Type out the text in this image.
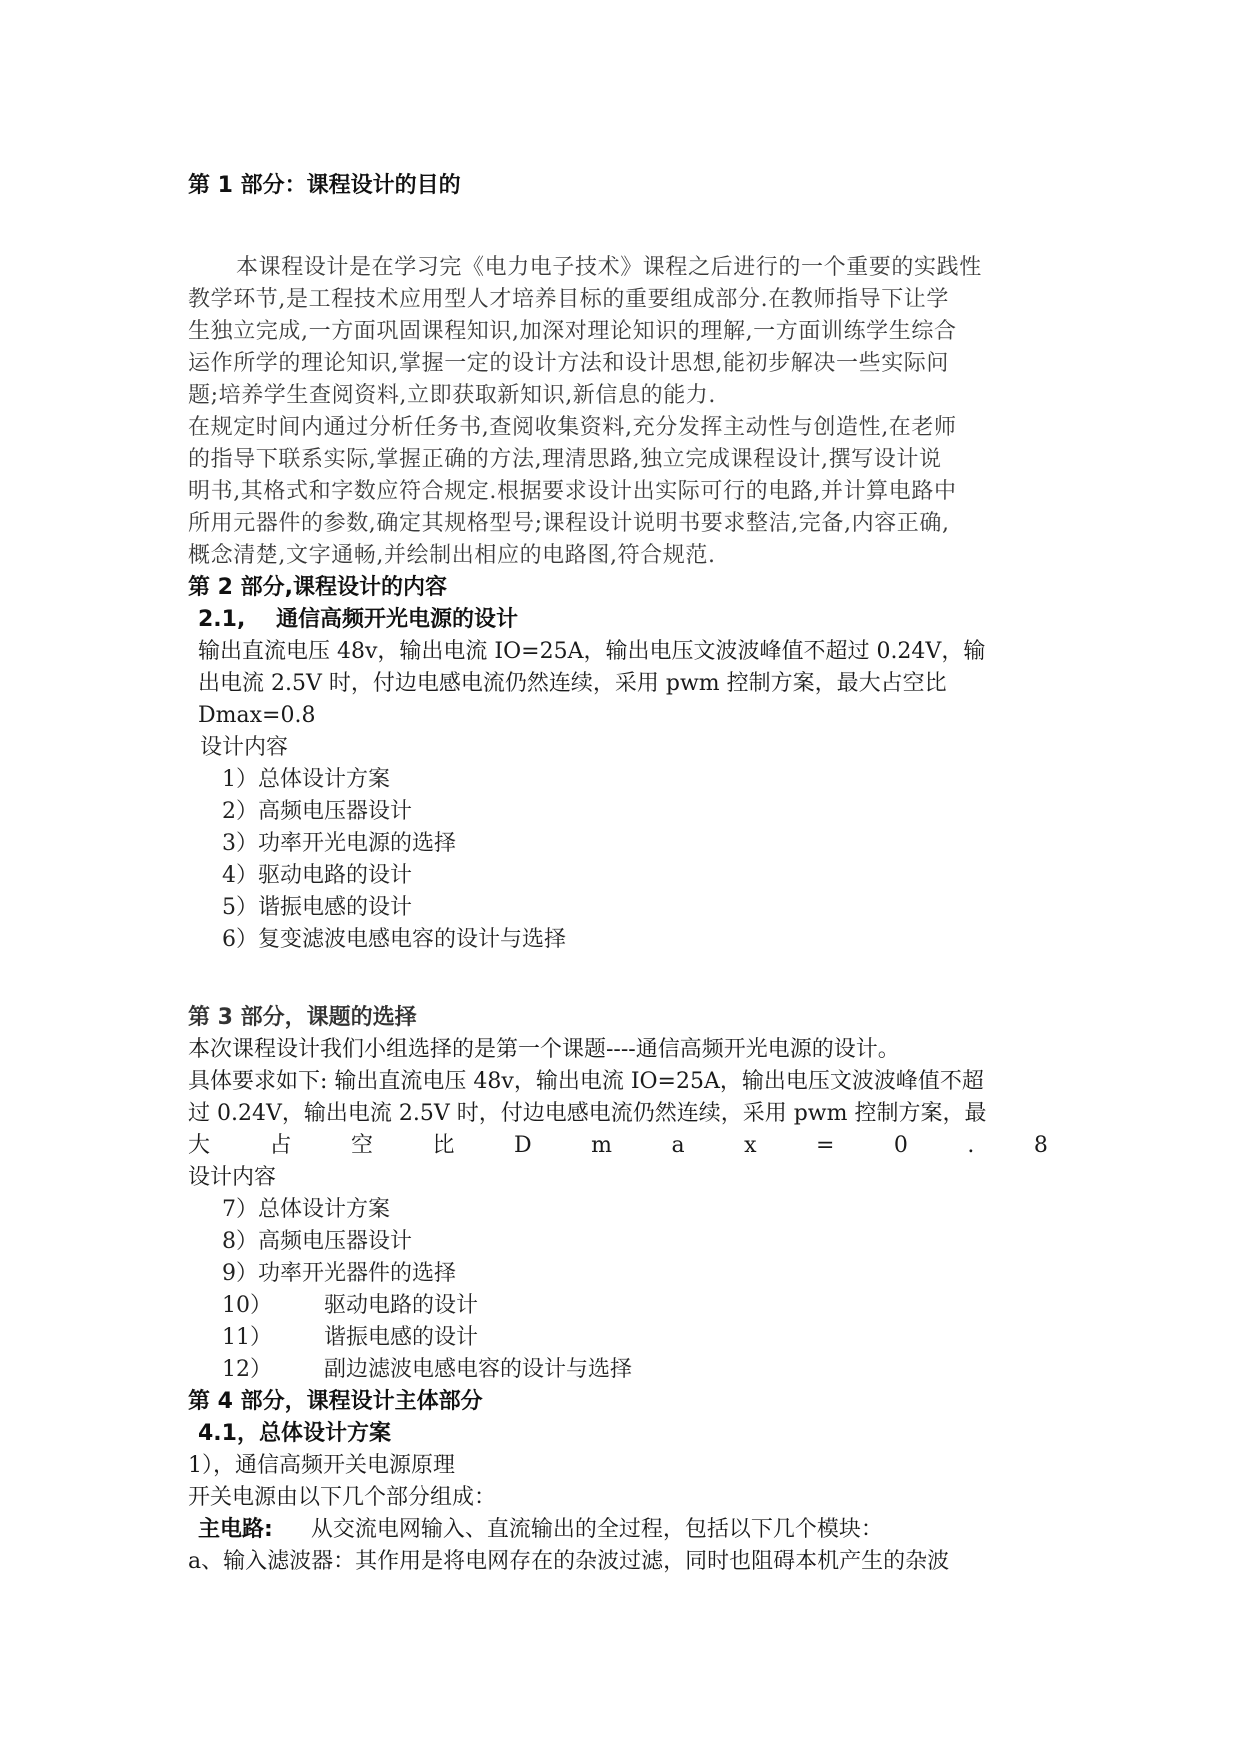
第 1 部分：课程设计的目的
本课程设计是在学习完《电力电子技术》课程之后进行的一个重要的实践性
教学环节,是工程技术应用型人才培养目标的重要组成部分.在教师指导下让学
生独立完成,一方面巩固课程知识,加深对理论知识的理解,一方面训练学生综合
运作所学的理论知识,掌握一定的设计方法和设计思想,能初步解决一些实际问
题;培养学生查阅资料,立即获取新知识,新信息的能力.
在规定时间内通过分析任务书,查阅收集资料,充分发挥主动性与创造性,在老师
的指导下联系实际,掌握正确的方法,理清思路,独立完成课程设计,撰写设计说
明书,其格式和字数应符合规定.根据要求设计出实际可行的电路,并计算电路中
所用元器件的参数,确定其规格型号;课程设计说明书要求整洁,完备,内容正确,
概念清楚,文字通畅,并绘制出相应的电路图,符合规范.
第 2 部分,课程设计的内容
2.1,    通信高频开光电源的设计
输出直流电压 48v，输出电流 IO=25A，输出电压文波波峰值不超过 0.24V，输
出电流 2.5V 时，付边电感电流仍然连续，采用 pwm 控制方案，最大占空比
Dmax=0.8
设计内容
1）总体设计方案
2）高频电压器设计
3）功率开光电源的选择
4）驱动电路的设计
5）谐振电感的设计
6）复变滤波电感电容的设计与选择
第 3 部分，课题的选择
本次课程设计我们小组选择的是第一个课题----通信高频开光电源的设计。
具体要求如下: 输出直流电压 48v，输出电流 IO=25A，输出电压文波波峰值不超
过 0.24V，输出电流 2.5V 时，付边电感电流仍然连续，采用 pwm 控制方案，最
大	占	空	比	D	m	a	x	=	0	.	8
设计内容
7）总体设计方案
8）高频电压器设计
9）功率开光器件的选择
10） 驱动电路的设计
11） 谐振电感的设计
12） 副边滤波电感电容的设计与选择
第 4 部分，课程设计主体部分
4.1，总体设计方案
1），通信高频开关电源原理
开关电源由以下几个部分组成：
主电路: 从交流电网输入、直流输出的全过程，包括以下几个模块：
a、输入滤波器：其作用是将电网存在的杂波过滤，同时也阻碍本机产生的杂波
